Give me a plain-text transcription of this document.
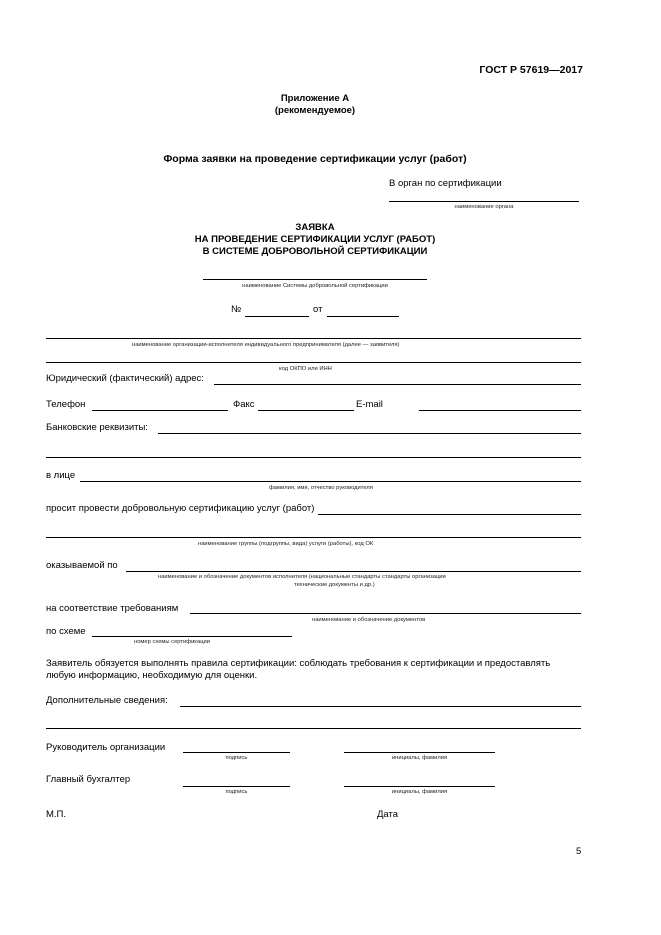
ГОСТ Р 57619—2017
Приложение А
(рекомендуемое)
Форма заявки на проведение сертификации услуг (работ)
В орган по сертификации
наименование органа
ЗАЯВКА
НА ПРОВЕДЕНИЕ СЕРТИФИКАЦИИ УСЛУГ (РАБОТ)
В СИСТЕМЕ ДОБРОВОЛЬНОЙ СЕРТИФИКАЦИИ
наименование Системы добровольной сертификации
№	от
наименование организации-исполнителя индивидуального предпринимателя (далее — заявителя)
код ОКПО или ИНН
Юридический (фактический) адрес:
Телефон	Факс	E-mail
Банковские реквизиты:
в лице
фамилия, имя, отчество руководителя
просит провести добровольную сертификацию услуг (работ)
наименование группы (подгруппы, вида) услуги (работы), код ОК
оказываемой по
наименование и обозначение документов исполнителя (национальные стандарты стандарты организации
технические документы и др.)
на соответствие требованиям
наименование и обозначение документов
по схеме
номер схемы сертификации
Заявитель обязуется выполнять правила сертификации: соблюдать требования к сертификации и предоставлять
любую информацию, необходимую для оценки.
Дополнительные сведения:
Руководитель организации
подпись	инициалы, фамилия
Главный бухгалтер
подпись	инициалы, фамилия
М.П.	Дата
5
